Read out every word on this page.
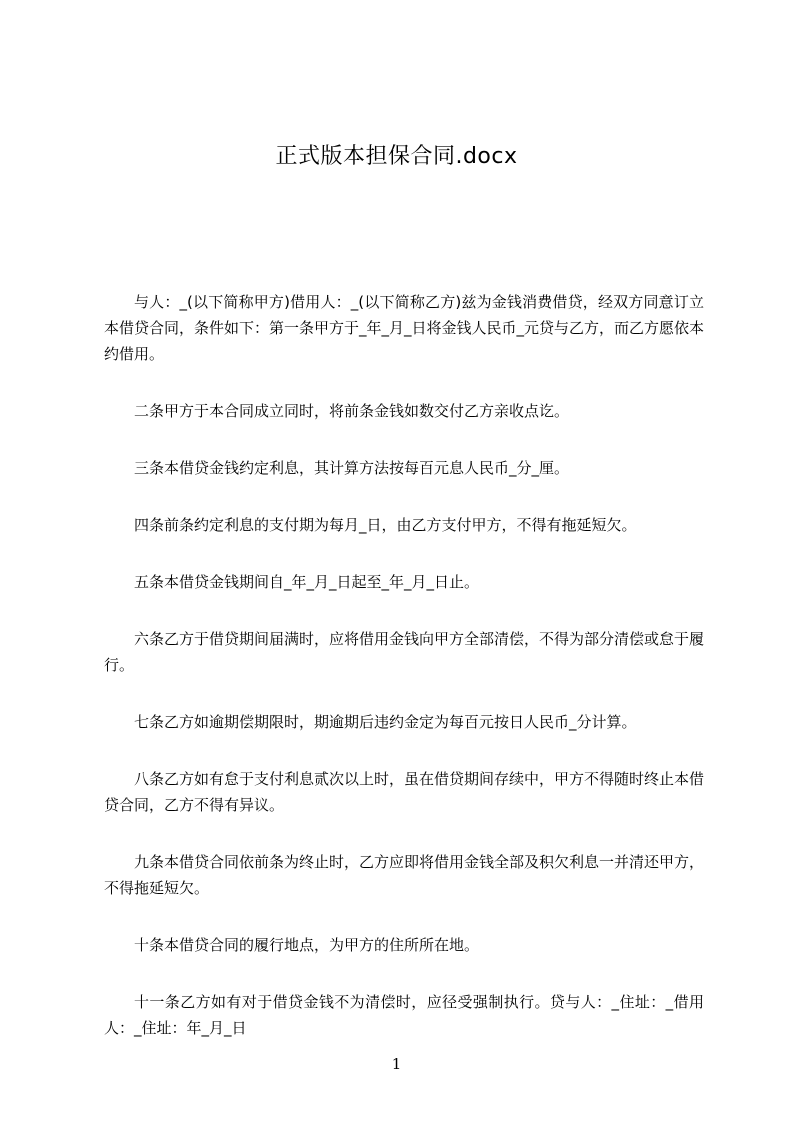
正式版本担保合同.docx

与人：_(以下简称甲方)借用人：_(以下简称乙方)兹为金钱消费借贷，经双方同意订立本借贷合同，条件如下：第一条甲方于_年_月_日将金钱人民币_元贷与乙方，而乙方愿依本约借用。

二条甲方于本合同成立同时，将前条金钱如数交付乙方亲收点讫。

三条本借贷金钱约定利息，其计算方法按每百元息人民币_分_厘。

四条前条约定利息的支付期为每月_日，由乙方支付甲方，不得有拖延短欠。

五条本借贷金钱期间自_年_月_日起至_年_月_日止。

六条乙方于借贷期间届满时，应将借用金钱向甲方全部清偿，不得为部分清偿或怠于履行。

七条乙方如逾期偿期限时，期逾期后违约金定为每百元按日人民币_分计算。

八条乙方如有怠于支付利息贰次以上时，虽在借贷期间存续中，甲方不得随时终止本借贷合同，乙方不得有异议。

九条本借贷合同依前条为终止时，乙方应即将借用金钱全部及积欠利息一并清还甲方，不得拖延短欠。

十条本借贷合同的履行地点，为甲方的住所所在地。

十一条乙方如有对于借贷金钱不为清偿时，应径受强制执行。贷与人：_住址：_借用人：_住址：年_月_日

1
